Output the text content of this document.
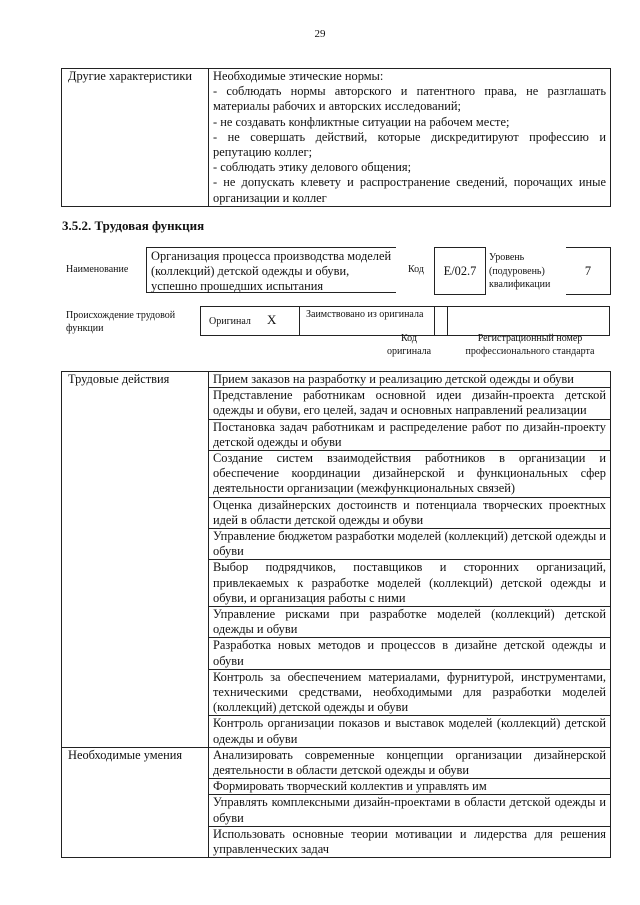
29
Другие характеристики	Необходимые этические нормы:
- соблюдать нормы авторского и патентного права, не разглашать материалы рабочих и авторских исследований;
- не создавать конфликтные ситуации на рабочем месте;
- не совершать действий, которые дискредитируют профессию и репутацию коллег;
- соблюдать этику делового общения;
- не допускать клевету и распространение сведений, порочащих иные организации и коллег
3.5.2. Трудовая функция
Наименование
Организация процесса производства моделей (коллекций) детской одежды и обуви, успешно прошедших испытания
Код	E/02.7
Уровень
(подуровень)
квалификации
7
Происхождение трудовой функции
Оригинал X	Заимствовано из оригинала
Код оригинала
Регистрационный номер профессионального стандарта
Трудовые действия	Прием заказов на разработку и реализацию детской одежды и обуви
	Представление работникам основной идеи дизайн-проекта детской одежды и обуви, его целей, задач и основных направлений реализации
	Постановка задач работникам и распределение работ по дизайн-проекту детской одежды и обуви
	Создание систем взаимодействия работников в организации и обеспечение координации дизайнерской и функциональных сфер деятельности организации (межфункциональных связей)
	Оценка дизайнерских достоинств и потенциала творческих проектных идей в области детской одежды и обуви
	Управление бюджетом разработки моделей (коллекций) детской одежды и обуви
	Выбор подрядчиков, поставщиков и сторонних организаций, привлекаемых к разработке моделей (коллекций) детской одежды и обуви, и организация работы с ними
	Управление рисками при разработке моделей (коллекций) детской одежды и обуви
	Разработка новых методов и процессов в дизайне детской одежды и обуви
	Контроль за обеспечением материалами, фурнитурой, инструментами, техническими средствами, необходимыми для разработки моделей (коллекций) детской одежды и обуви
	Контроль организации показов и выставок моделей (коллекций) детской одежды и обуви
Необходимые умения	Анализировать современные концепции организации дизайнерской деятельности в области детской одежды и обуви
	Формировать творческий коллектив и управлять им
	Управлять комплексными дизайн-проектами в области детской одежды и обуви
	Использовать основные теории мотивации и лидерства для решения управленческих задач
